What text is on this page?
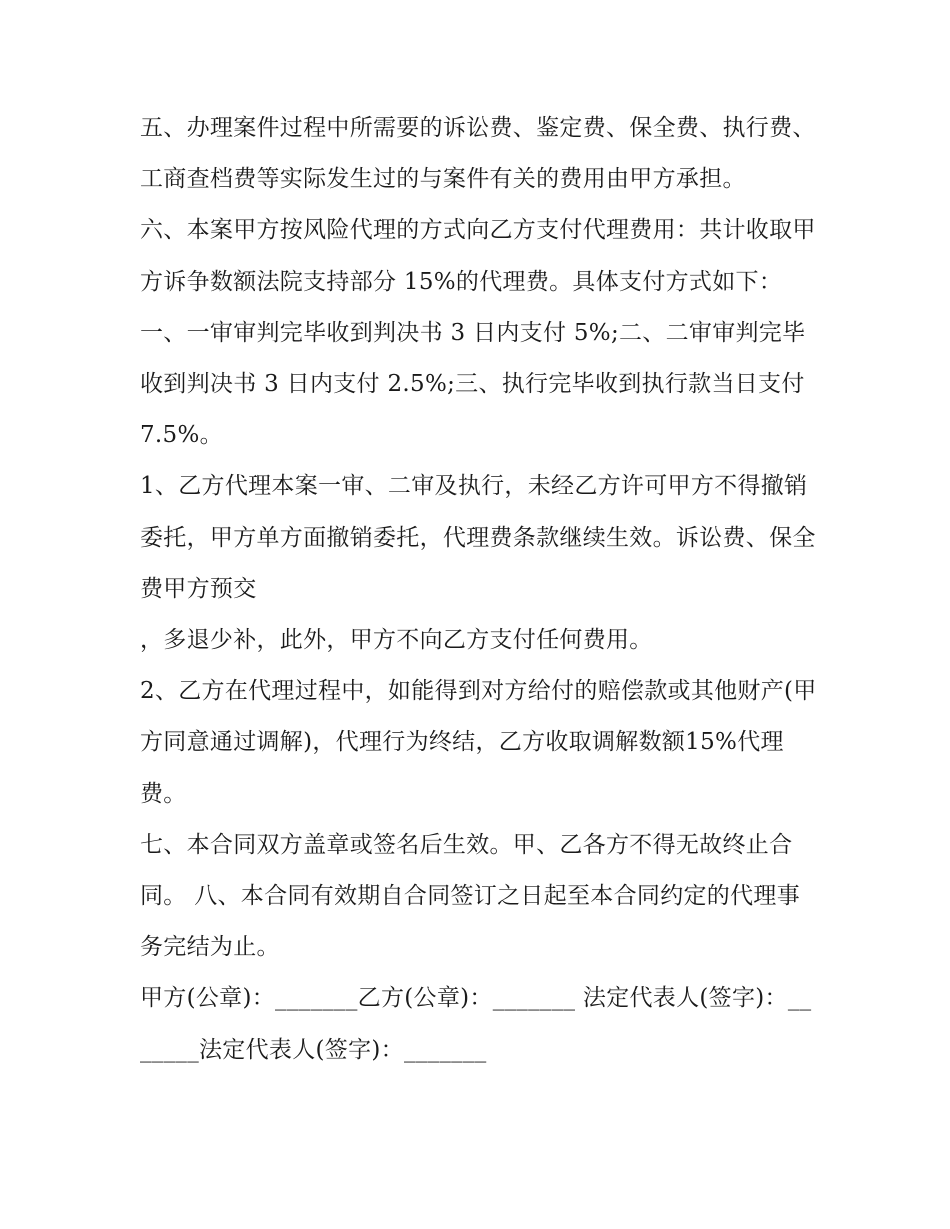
五、办理案件过程中所需要的诉讼费、鉴定费、保全费、执行费、工商查档费等实际发生过的与案件有关的费用由甲方承担。

六、本案甲方按风险代理的方式向乙方支付代理费用：共计收取甲方诉争数额法院支持部分 15%的代理费。具体支付方式如下：一、一审审判完毕收到判决书 3 日内支付 5%;二、二审审判完毕收到判决书 3 日内支付 2.5%;三、执行完毕收到执行款当日支付 7.5%。

1、乙方代理本案一审、二审及执行，未经乙方许可甲方不得撤销委托，甲方单方面撤销委托，代理费条款继续生效。诉讼费、保全费甲方预交

，多退少补，此外，甲方不向乙方支付任何费用。

2、乙方在代理过程中，如能得到对方给付的赔偿款或其他财产(甲方同意通过调解)，代理行为终结，乙方收取调解数额15%代理费。

七、本合同双方盖章或签名后生效。甲、乙各方不得无故终止合同。 八、本合同有效期自合同签订之日起至本合同约定的代理事务完结为止。

甲方(公章)：_______乙方(公章)：_______ 法定代表人(签字)：_______法定代表人(签字)：_______
